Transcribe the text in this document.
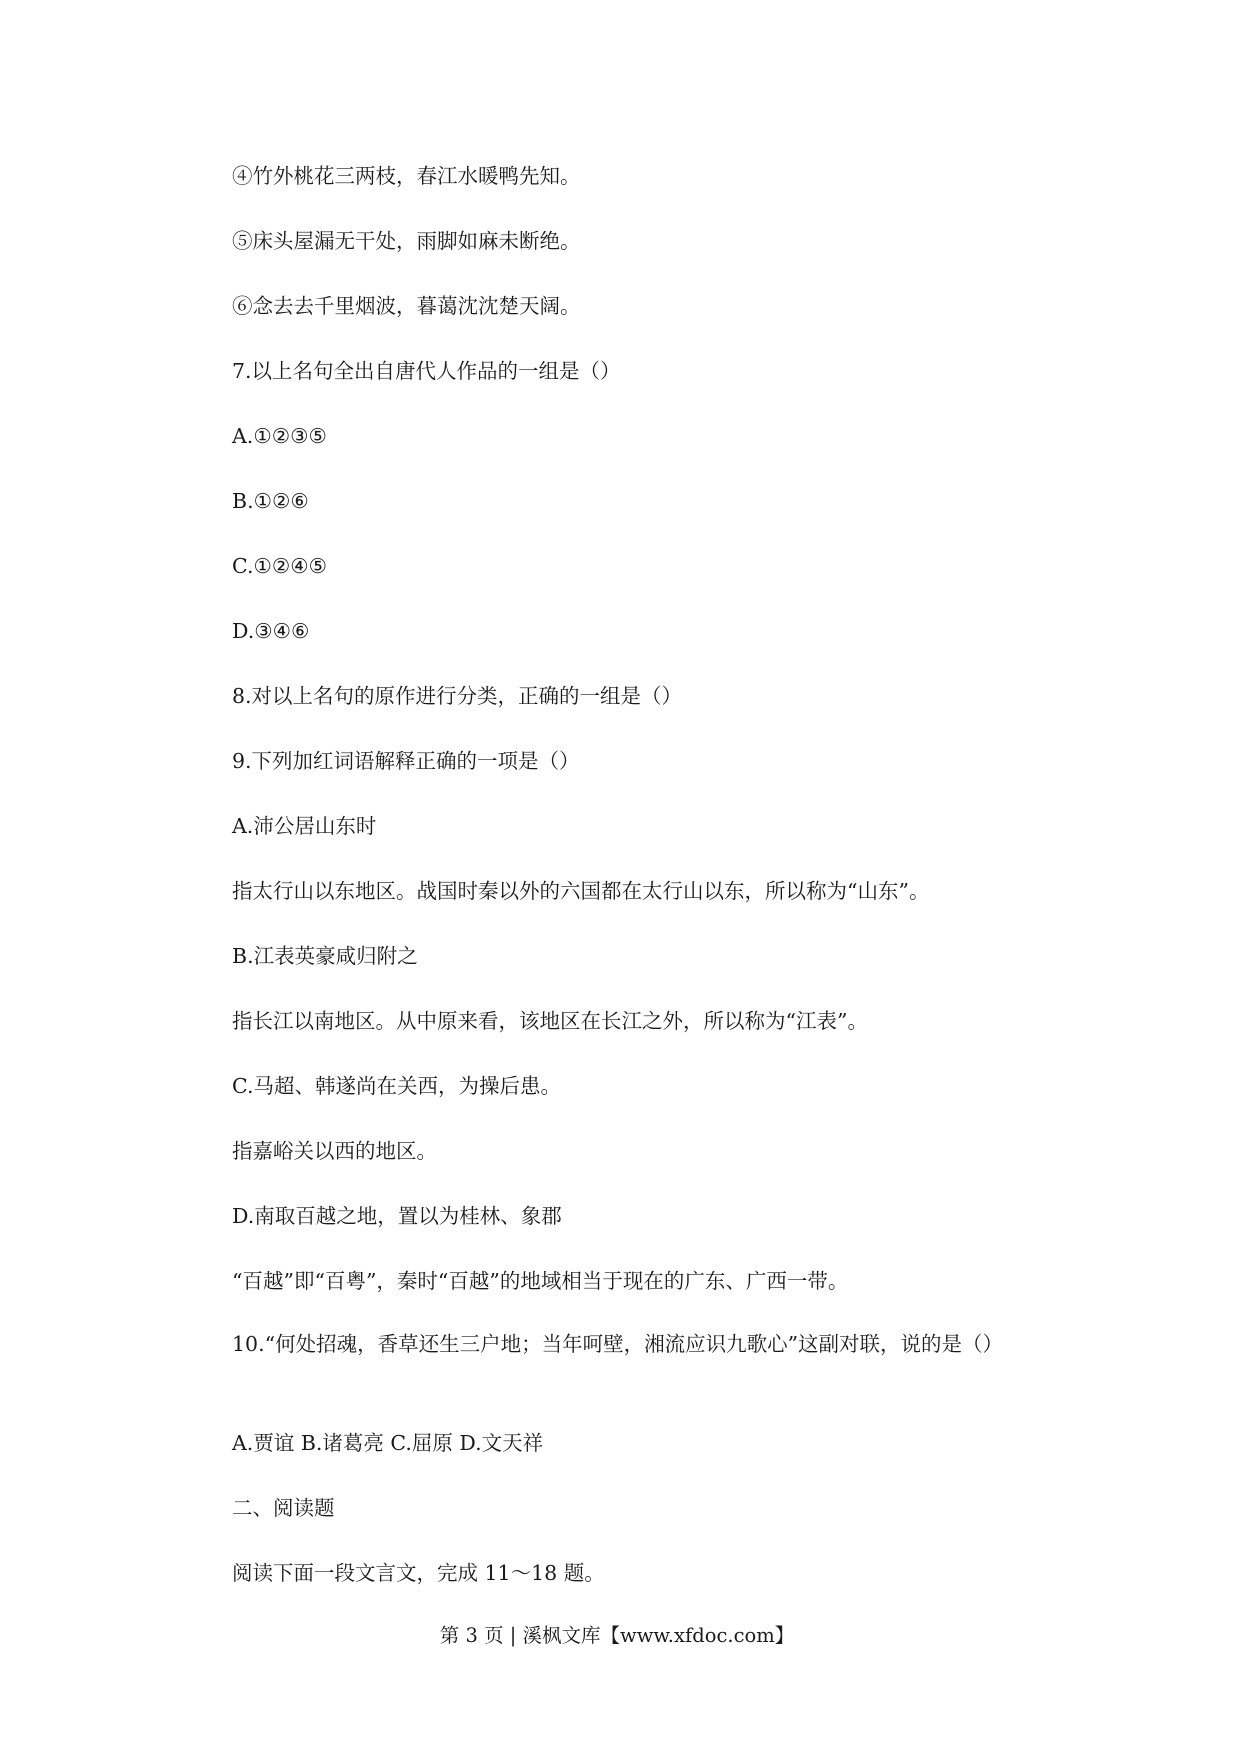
④竹外桃花三两枝，春江水暖鸭先知。
⑤床头屋漏无干处，雨脚如麻未断绝。
⑥念去去千里烟波，暮蔼沈沈楚天阔。
7.以上名句全出自唐代人作品的一组是（）
A.①②③⑤
B.①②⑥
C.①②④⑤
D.③④⑥
8.对以上名句的原作进行分类，正确的一组是（）
9.下列加红词语解释正确的一项是（）
A.沛公居山东时
指太行山以东地区。战国时秦以外的六国都在太行山以东，所以称为“山东”。
B.江表英豪咸归附之
指长江以南地区。从中原来看，该地区在长江之外，所以称为“江表”。
C.马超、韩遂尚在关西，为操后患。
指嘉峪关以西的地区。
D.南取百越之地，置以为桂林、象郡
“百越”即“百粤”，秦时“百越”的地域相当于现在的广东、广西一带。
10.“何处招魂，香草还生三户地；当年呵壁，湘流应识九歌心”这副对联，说的是（）
A.贾谊 B.诸葛亮 C.屈原 D.文天祥
二、阅读题
阅读下面一段文言文，完成 11～18 题。
第 3 页 | 溪枫文库【www.xfdoc.com】
